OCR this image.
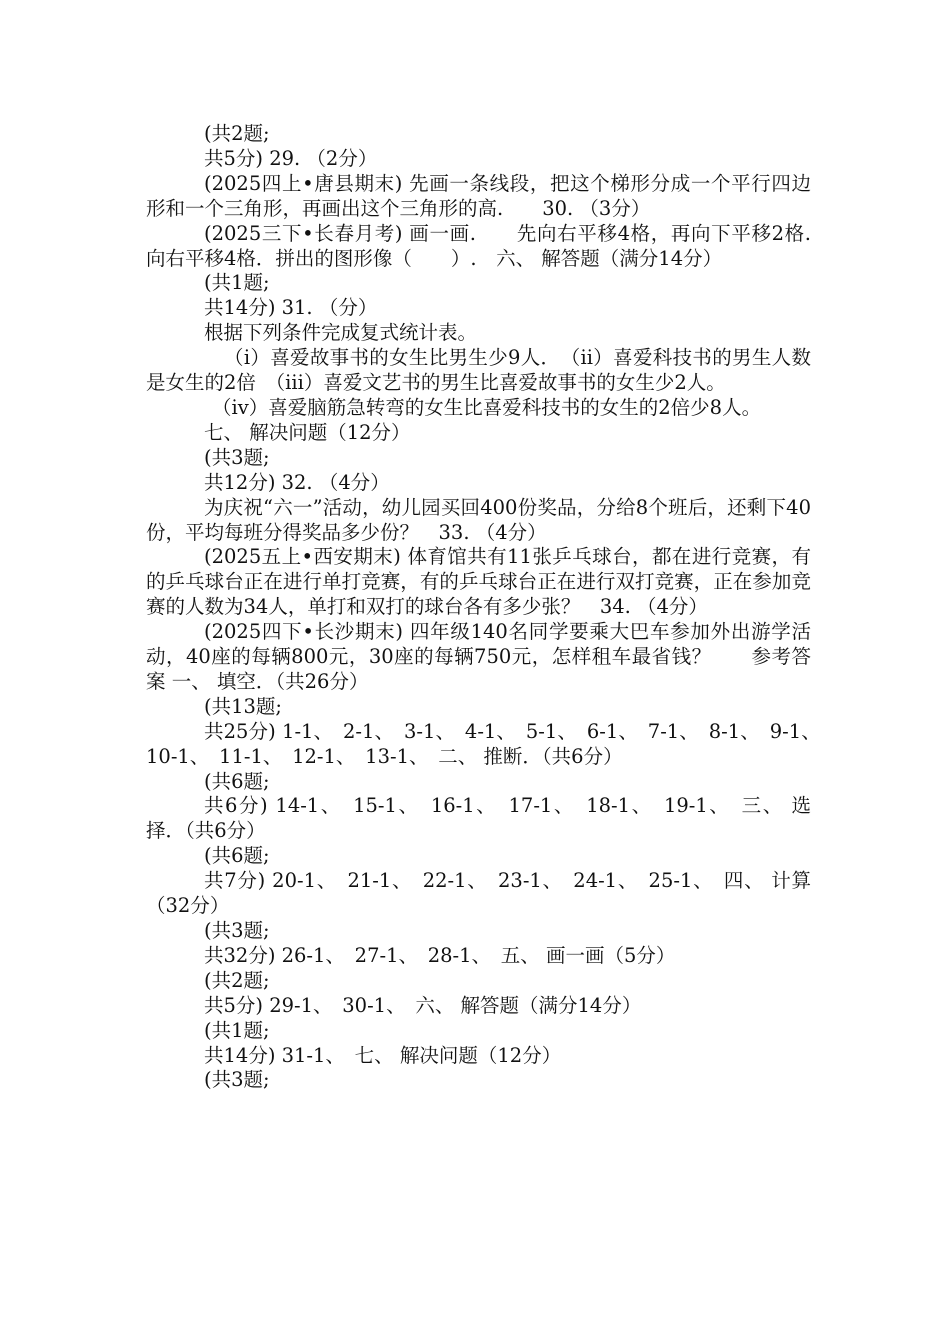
(共2题;

共5分) 29. （2分）

(2025四上•唐县期末) 先画一条线段，把这个梯形分成一个平行四边形和一个三角形，再画出这个三角形的高.　　30. （3分）

(2025三下•长春月考) 画一画.　　先向右平移4格，再向下平移2格.　　向右平移4格．拼出的图形像（　　）.　六、 解答题（满分14分）

(共1题;

共14分) 31. （分）

根据下列条件完成复式统计表。

（i）喜爱故事书的女生比男生少9人．　（ii）喜爱科技书的男生人数是女生的2倍　（iii）喜爱文艺书的男生比喜爱故事书的女生少2人。

（iv）喜爱脑筋急转弯的女生比喜爱科技书的女生的2倍少8人。

七、 解决问题（12分）

(共3题;

共12分) 32. （4分）

为庆祝“六一”活动，幼儿园买回400份奖品，分给8个班后，还剩下40份，平均每班分得奖品多少份？　33. （4分）

(2025五上•西安期末) 体育馆共有11张乒乓球台，都在进行竞赛，有的乒乓球台正在进行单打竞赛，有的乒乓球台正在进行双打竞赛，正在参加竞赛的人数为34人，单打和双打的球台各有多少张？　34. （4分）

(2025四下•长沙期末) 四年级140名同学要乘大巴车参加外出游学活动，40座的每辆800元，30座的每辆750元，怎样租车最省钱？　　参考答案 一、 填空．（共26分）

(共13题;

共25分) 1-1、　2-1、　3-1、　4-1、　5-1、　6-1、　7-1、　8-1、　9-1、　10-1、　11-1、　12-1、　13-1、　二、 推断．（共6分）

(共6题;

共6分) 14-1、　15-1、　16-1、　17-1、　18-1、　19-1、　三、 选择．（共6分）

(共6题;

共7分) 20-1、　21-1、　22-1、　23-1、　24-1、　25-1、　四、 计算（32分）

(共3题;

共32分) 26-1、　27-1、　28-1、　五、 画一画（5分）

(共2题;

共5分) 29-1、　30-1、　六、 解答题（满分14分）

(共1题;

共14分) 31-1、　七、 解决问题（12分）

(共3题;
